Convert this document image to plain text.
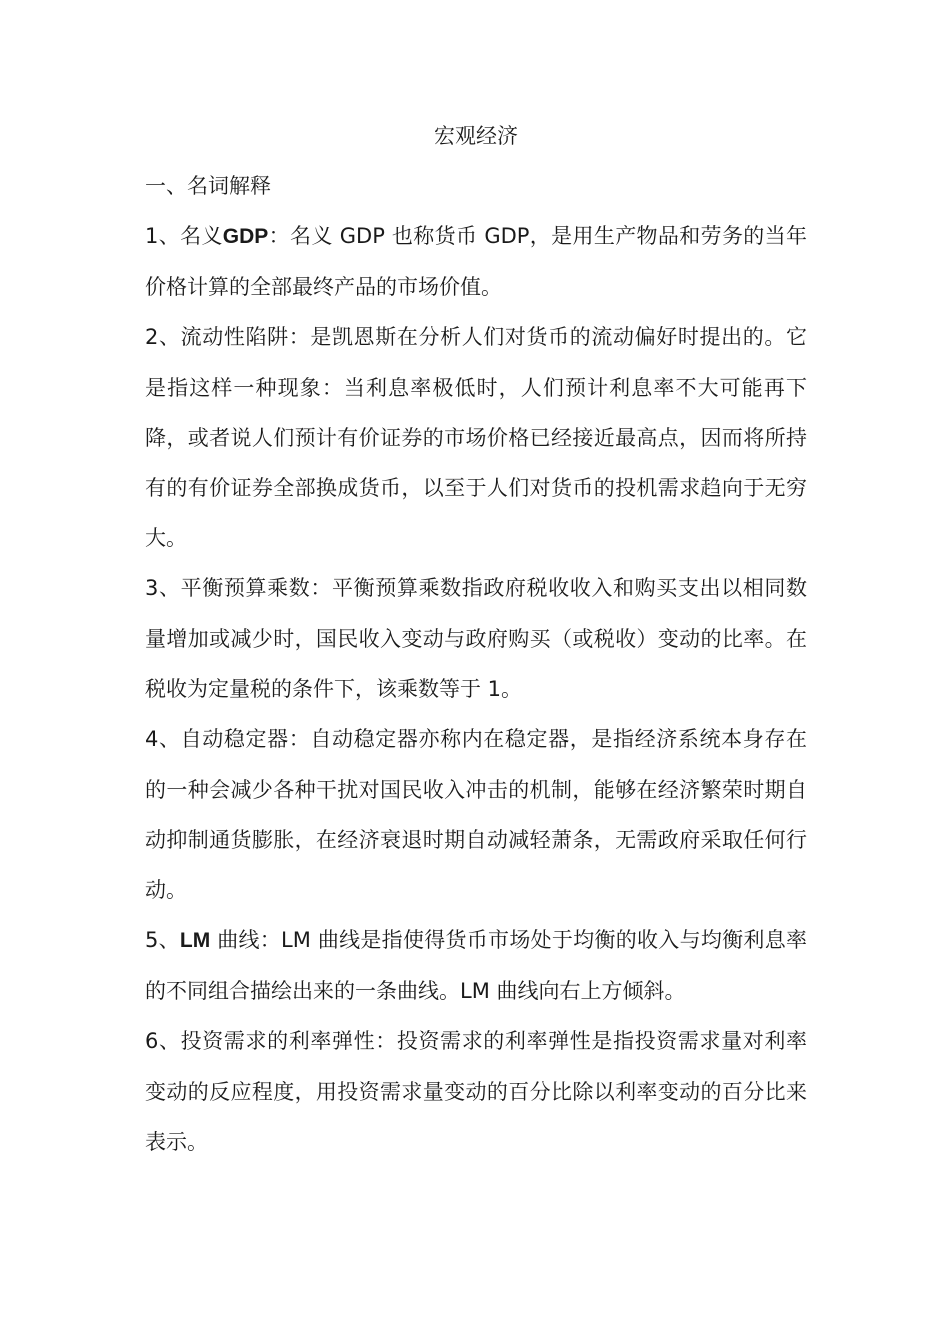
宏观经济

一、名词解释

1、名义GDP：名义 GDP 也称货币 GDP，是用生产物品和劳务的当年价格计算的全部最终产品的市场价值。

2、流动性陷阱：是凯恩斯在分析人们对货币的流动偏好时提出的。它是指这样一种现象：当利息率极低时，人们预计利息率不大可能再下降，或者说人们预计有价证券的市场价格已经接近最高点，因而将所持有的有价证券全部换成货币，以至于人们对货币的投机需求趋向于无穷大。

3、平衡预算乘数：平衡预算乘数指政府税收收入和购买支出以相同数量增加或减少时，国民收入变动与政府购买（或税收）变动的比率。在税收为定量税的条件下，该乘数等于 1。

4、自动稳定器：自动稳定器亦称内在稳定器，是指经济系统本身存在的一种会减少各种干扰对国民收入冲击的机制，能够在经济繁荣时期自动抑制通货膨胀，在经济衰退时期自动减轻萧条，无需政府采取任何行动。

5、LM 曲线：LM 曲线是指使得货币市场处于均衡的收入与均衡利息率的不同组合描绘出来的一条曲线。LM 曲线向右上方倾斜。

6、投资需求的利率弹性：投资需求的利率弹性是指投资需求量对利率变动的反应程度，用投资需求量变动的百分比除以利率变动的百分比来表示。
